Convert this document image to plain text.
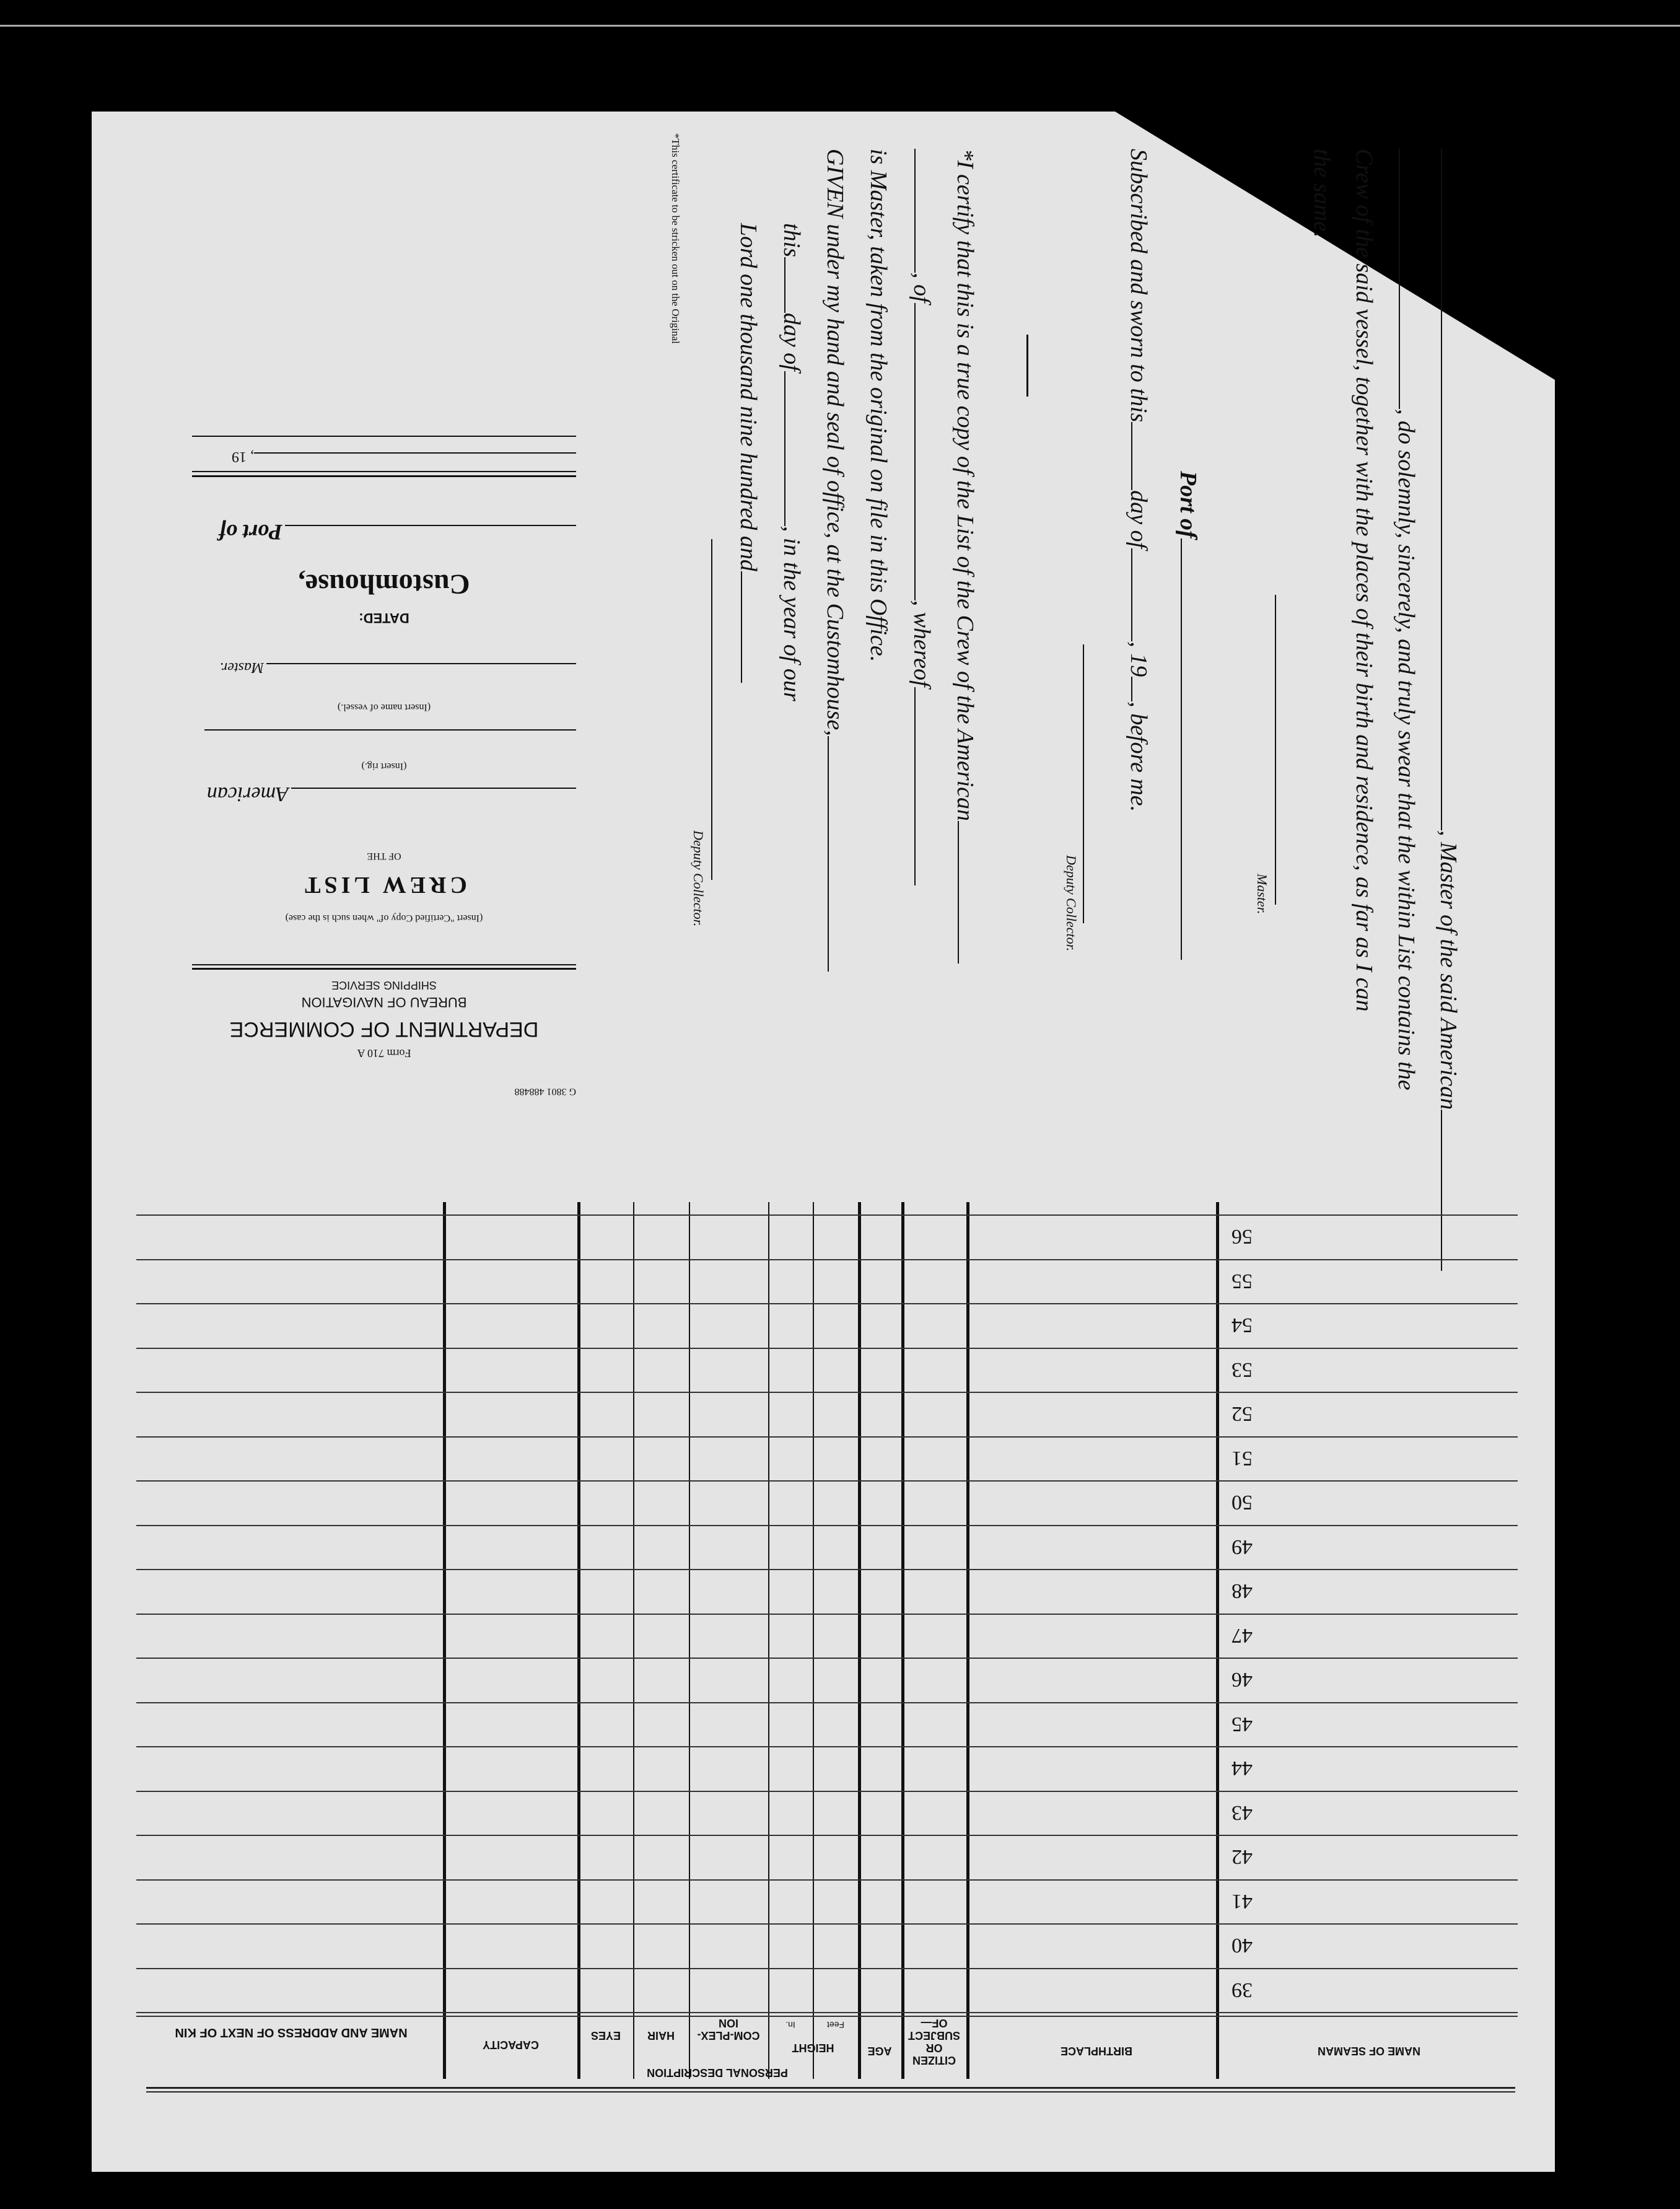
, Master of the said American
, do solemnly, sincerely, and truly swear that the within List contains the
Crew of the said vessel, together with the places of their birth and residence, as far as I can
the same.
Master.
Port of
Subscribed and sworn to thisday of, 19, before me.
Deputy Collector.
*I certify that this is a true copy of the List of the Crew of the American
, of, whereof
is Master, taken from the original on file in this Office.
GIVEN under my hand and seal of office, at the Customhouse,
thisday of, in the year of our
Lord one thousand nine hundred and
Deputy Collector.
*This certificate to be stricken out on the Original
G 3801 488488
Form 710 A
DEPARTMENT OF COMMERCE
BUREAU OF NAVIGATION
SHIPPING SERVICE
(Insert "Certified Copy of" when such is the case)
CREW LIST
OF THE
American
(Insert rig.)
(Insert name of vessel.)
Master.
DATED:
Customhouse,
Port of
, 19
56
55
54
53
52
51
50
49
48
47
46
45
44
43
42
41
40
39
NAME OF SEAMAN
BIRTHPLACE
CITIZEN OR SUBJECT OF—
AGE
HEIGHT
Feet
In.
COM-PLEX-ION
HAIR
EYES
PERSONAL DESCRIPTION
CAPACITY
NAME AND ADDRESS OF NEXT OF KIN
